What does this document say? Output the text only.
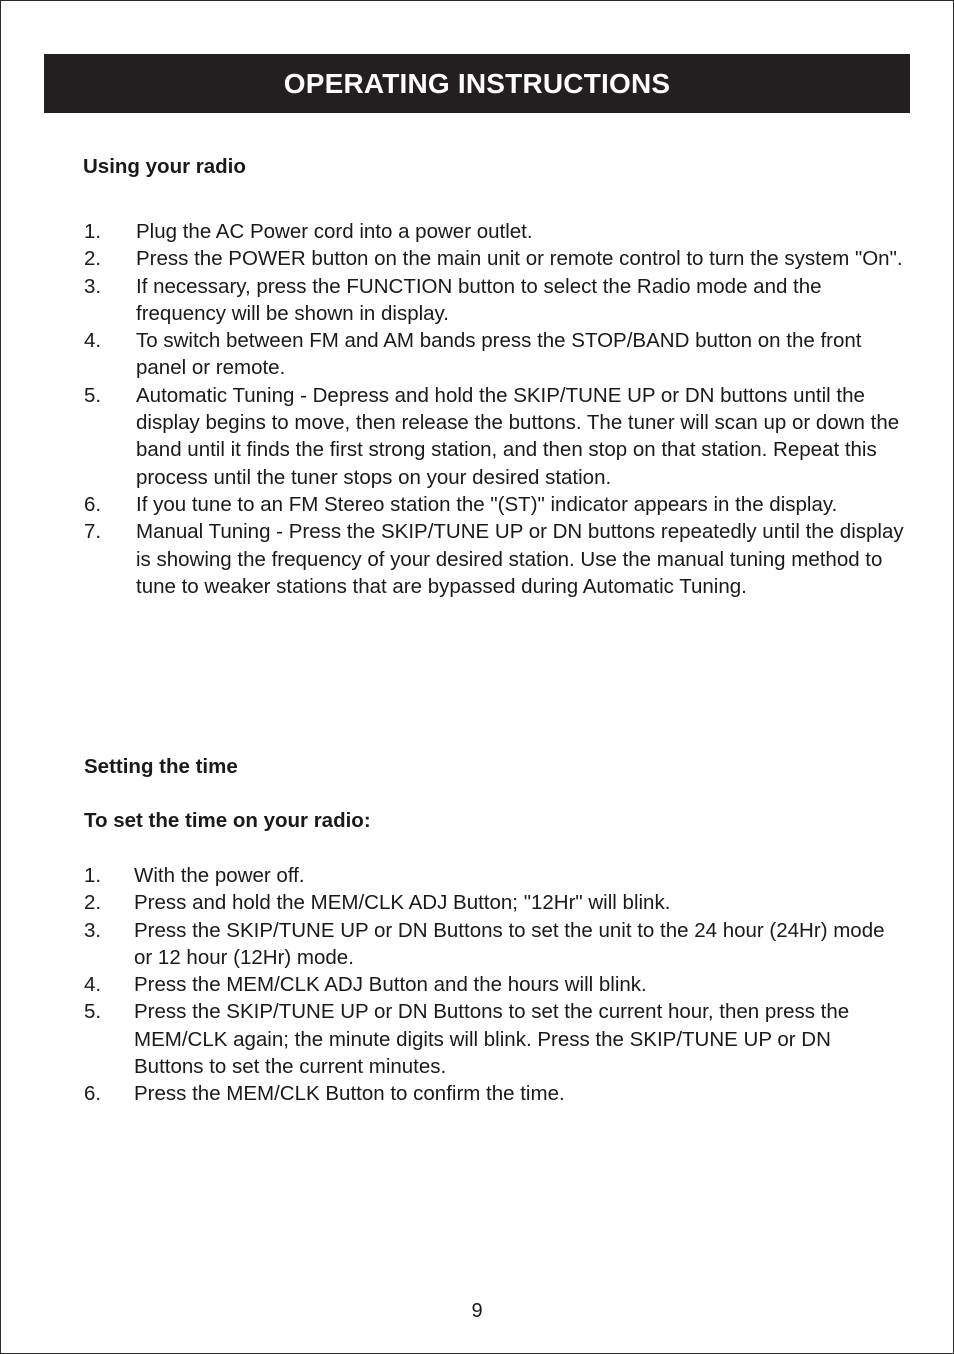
OPERATING INSTRUCTIONS
Using your radio
1. Plug the AC Power cord into a power outlet.
2. Press the POWER button on the main unit or remote control to turn the system "On".
3. If necessary, press the FUNCTION button to select the Radio mode and the frequency will be shown in display.
4. To switch between FM and AM bands press the STOP/BAND button on the front panel or remote.
5. Automatic Tuning - Depress and hold the SKIP/TUNE UP or DN buttons until the display begins to move, then release the buttons. The tuner will scan up or down the band until it finds the first strong station, and then stop on that station. Repeat this process until the tuner stops on your desired station.
6. If you tune to an FM Stereo station the "(ST)" indicator appears in the display.
7. Manual Tuning - Press the SKIP/TUNE UP or DN buttons repeatedly until the display is showing the frequency of your desired station. Use the manual tuning method to tune to weaker stations that are bypassed during Automatic Tuning.
Setting the time
To set the time on your radio:
1. With the power off.
2. Press and hold the MEM/CLK ADJ Button; "12Hr" will blink.
3. Press the SKIP/TUNE UP or DN Buttons to set the unit to the 24 hour (24Hr) mode or 12 hour (12Hr) mode.
4. Press the MEM/CLK ADJ Button and the hours will blink.
5. Press the SKIP/TUNE UP or DN Buttons to set the current hour, then press the MEM/CLK again; the minute digits will blink. Press the SKIP/TUNE UP or DN Buttons to set the current minutes.
6. Press the MEM/CLK Button to confirm the time.
9
